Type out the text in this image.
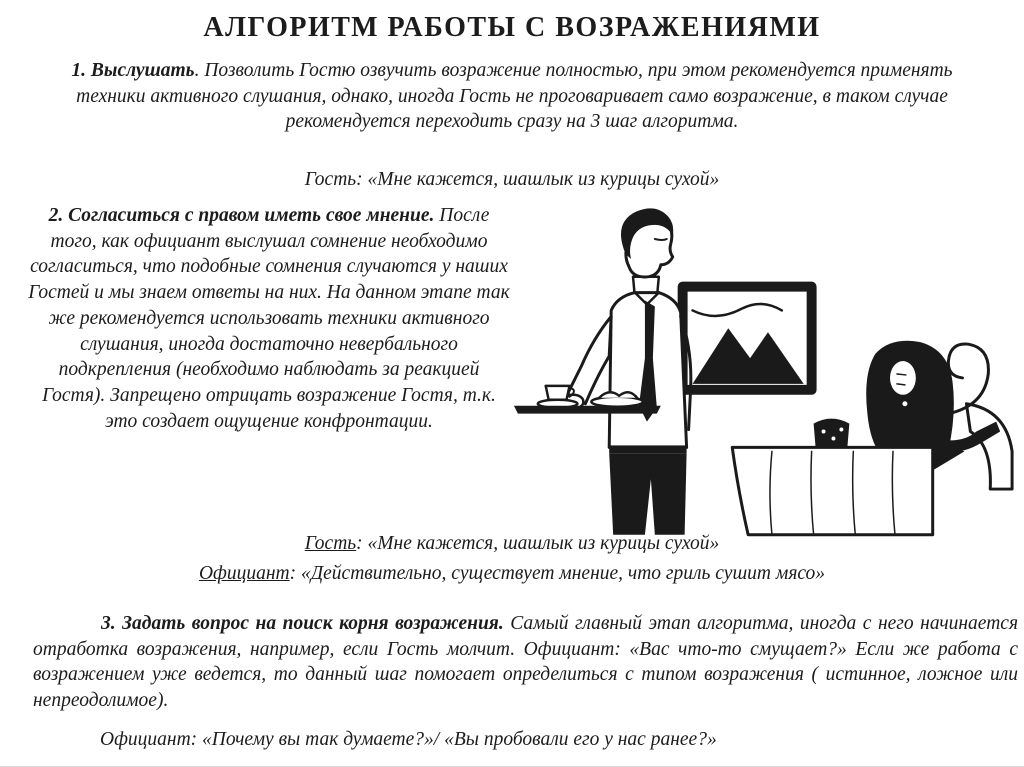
АЛГОРИТМ РАБОТЫ С ВОЗРАЖЕНИЯМИ

1. Выслушать. Позволить Гостю озвучить возражение полностью, при этом рекомендуется применять техники активного слушания, однако, иногда Гость не проговаривает само возражение, в таком случае рекомендуется переходить сразу на 3 шаг алгоритма.

Гость: «Мне кажется, шашлык из курицы сухой»

2. Согласиться с правом иметь свое мнение. После того, как официант выслушал сомнение необходимо согласиться, что подобные сомнения случаются у наших Гостей и мы знаем ответы на них. На данном этапе так же рекомендуется использовать техники активного слушания, иногда достаточно невербального подкрепления (необходимо наблюдать за реакцией Гостя). Запрещено отрицать возражение Гостя, т.к. это создает ощущение конфронтации.

Гость: «Мне кажется, шашлык из курицы сухой»

Официант: «Действительно, существует мнение, что гриль сушит мясо»

3. Задать вопрос на поиск корня возражения. Самый главный этап алгоритма, иногда с него начинается отработка возражения, например, если Гость молчит. Официант: «Вас что-то смущает?» Если же работа с возражением уже ведется, то данный шаг помогает определиться с типом возражения ( истинное, ложное или непреодолимое).

Официант: «Почему вы так думаете?»/ «Вы пробовали его у нас ранее?»
